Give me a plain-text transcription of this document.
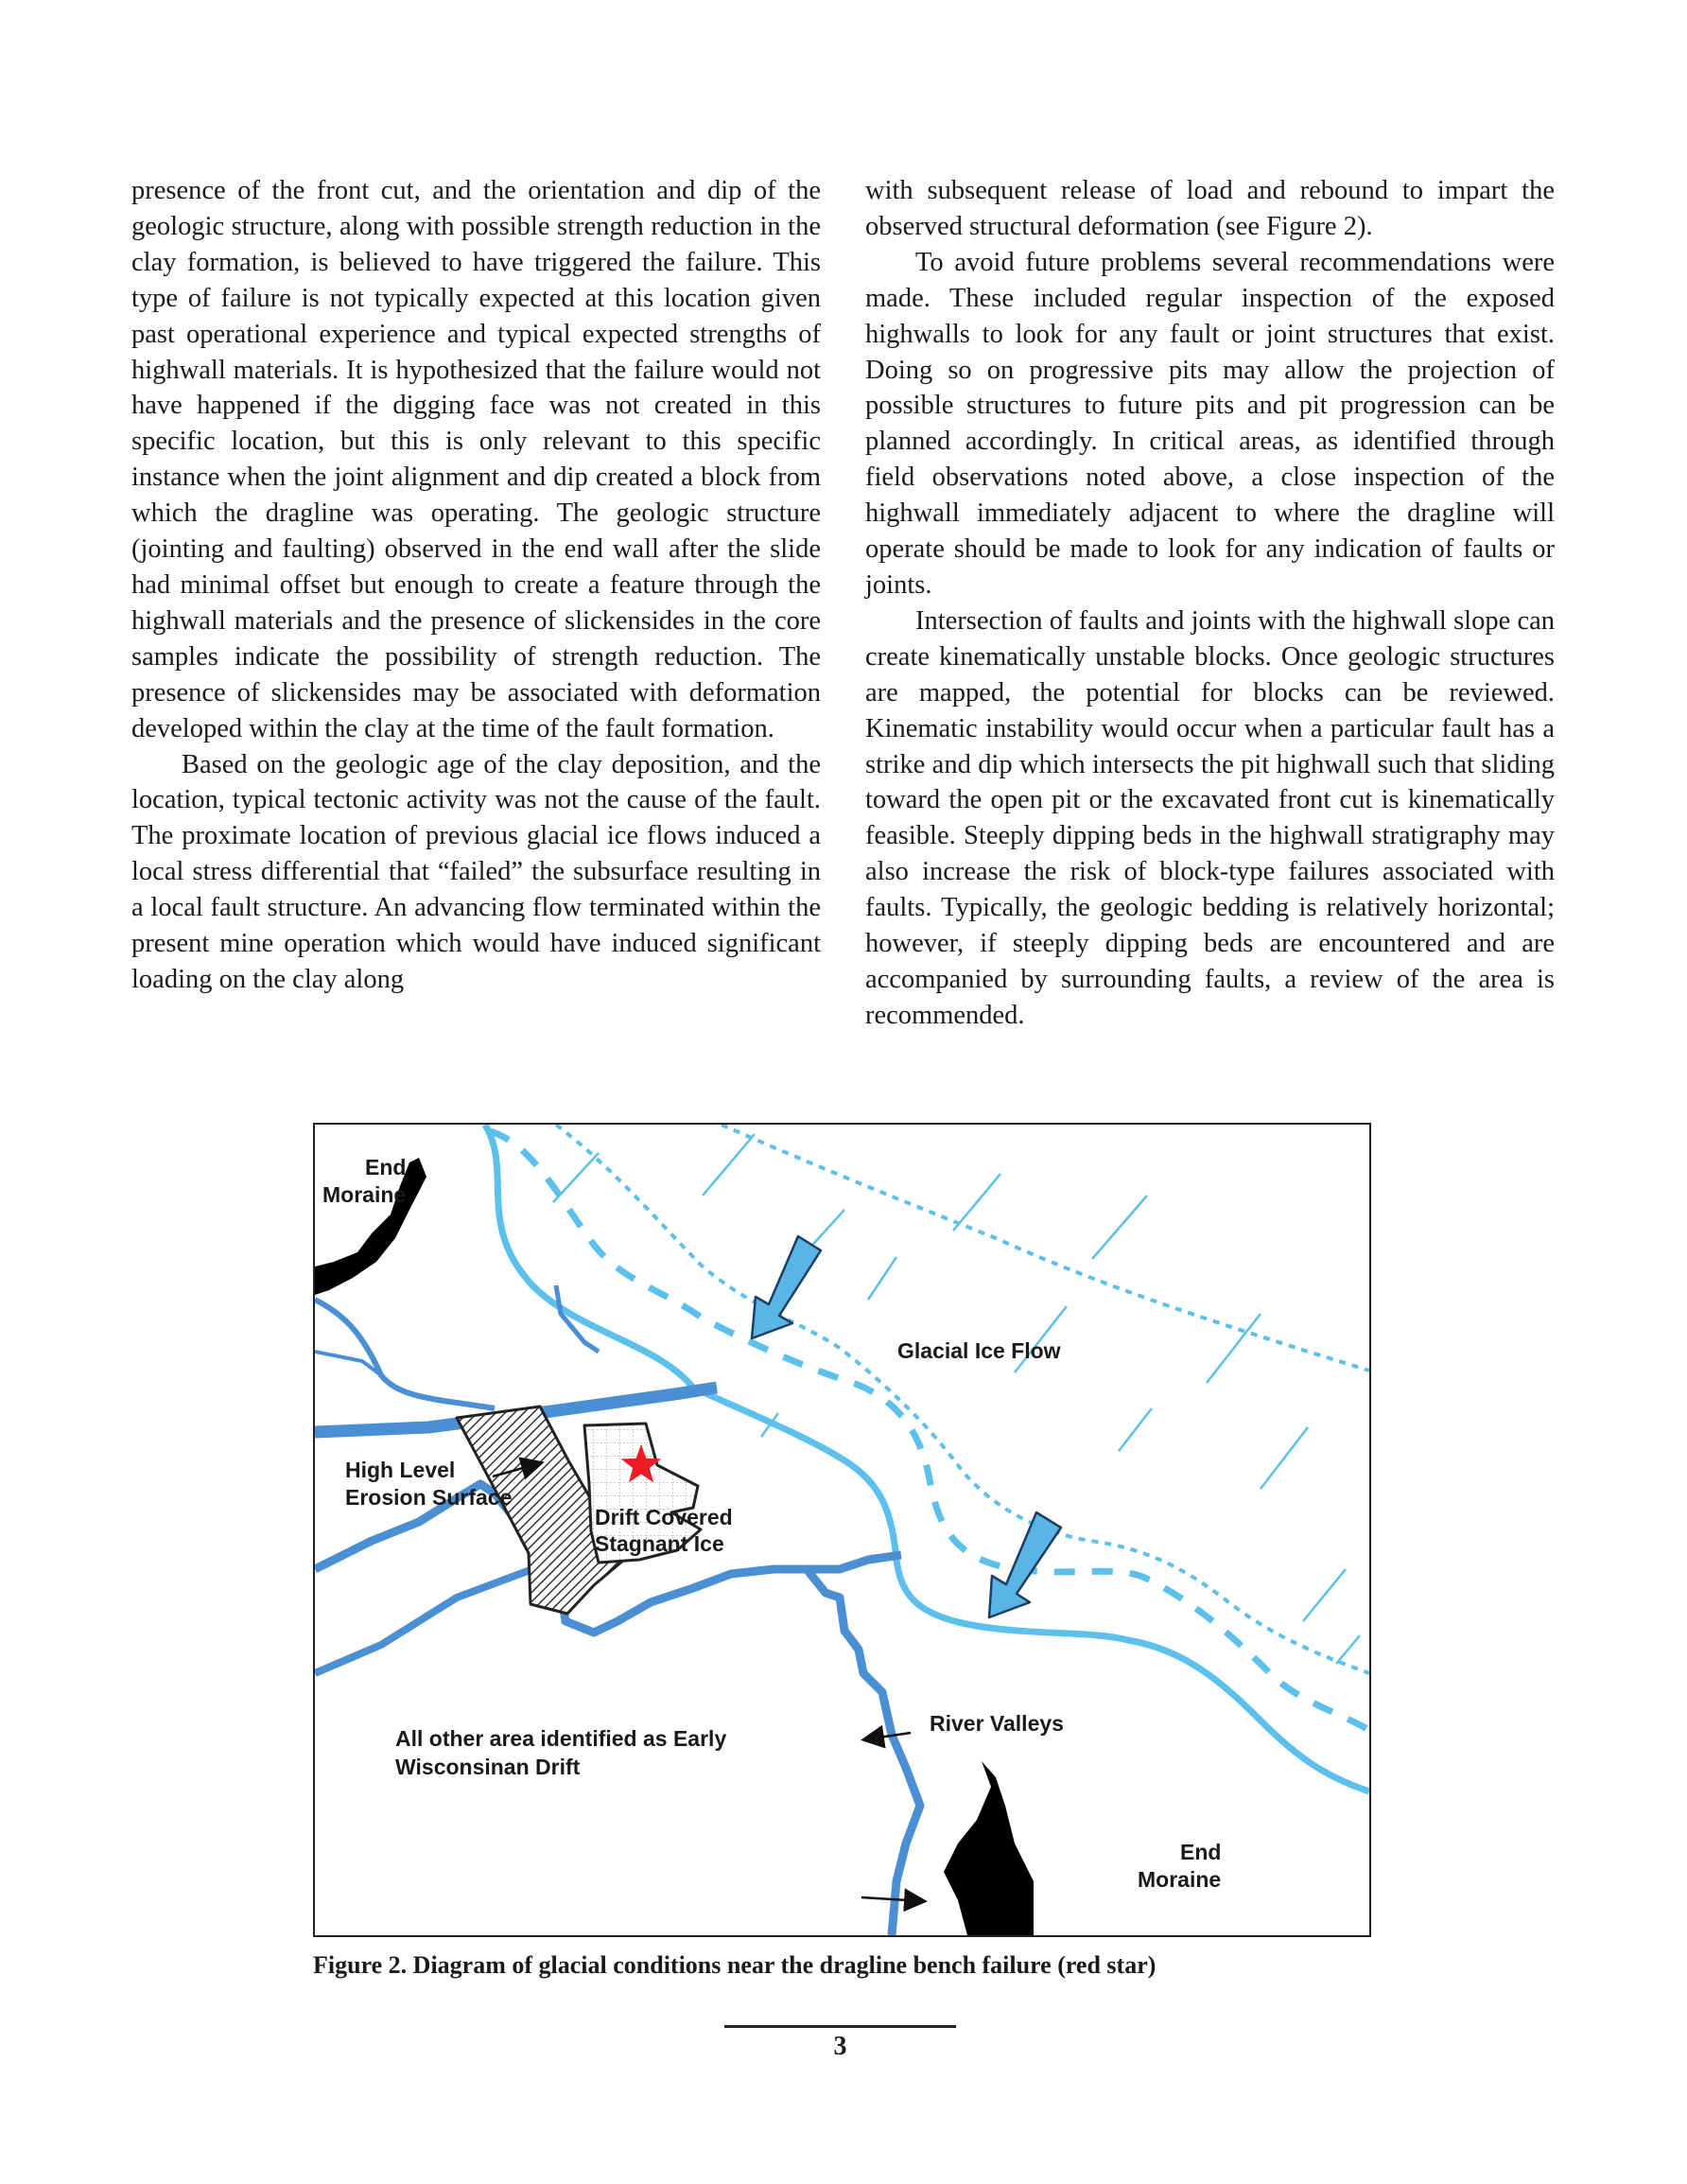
presence of the front cut, and the orientation and dip of the geologic structure, along with possible strength reduction in the clay formation, is believed to have triggered the failure. This type of failure is not typically expected at this location given past operational experience and typical expected strengths of highwall materials. It is hypothesized that the failure would not have happened if the digging face was not created in this specific location, but this is only relevant to this specific instance when the joint alignment and dip created a block from which the dragline was operating. The geologic structure (jointing and faulting) observed in the end wall after the slide had minimal offset but enough to create a feature through the highwall materials and the presence of slickensides in the core samples indicate the possibility of strength reduction. The presence of slickensides may be associated with deformation developed within the clay at the time of the fault formation.

Based on the geologic age of the clay deposition, and the location, typical tectonic activity was not the cause of the fault. The proximate location of previous glacial ice flows induced a local stress differential that “failed” the subsurface resulting in a local fault structure. An advancing flow terminated within the present mine operation which would have induced significant loading on the clay along

with subsequent release of load and rebound to impart the observed structural deformation (see Figure 2).

To avoid future problems several recommendations were made. These included regular inspection of the exposed highwalls to look for any fault or joint structures that exist. Doing so on progressive pits may allow the projection of possible structures to future pits and pit progression can be planned accordingly. In critical areas, as identified through field observations noted above, a close inspection of the highwall immediately adjacent to where the dragline will operate should be made to look for any indication of faults or joints.

Intersection of faults and joints with the highwall slope can create kinematically unstable blocks. Once geologic structures are mapped, the potential for blocks can be reviewed. Kinematic instability would occur when a particular fault has a strike and dip which intersects the pit highwall such that sliding toward the open pit or the excavated front cut is kinematically feasible. Steeply dipping beds in the highwall stratigraphy may also increase the risk of block-type failures associated with faults. Typically, the geologic bedding is relatively horizontal; however, if steeply dipping beds are encountered and are accompanied by surrounding faults, a review of the area is recommended.

End
Moraine
Glacial Ice Flow
High Level
Erosion Surface
Drift Covered
Stagnant Ice
River Valleys
All other area identified as Early
Wisconsinan Drift
End
Moraine
Figure 2. Diagram of glacial conditions near the dragline bench failure (red star)
3
